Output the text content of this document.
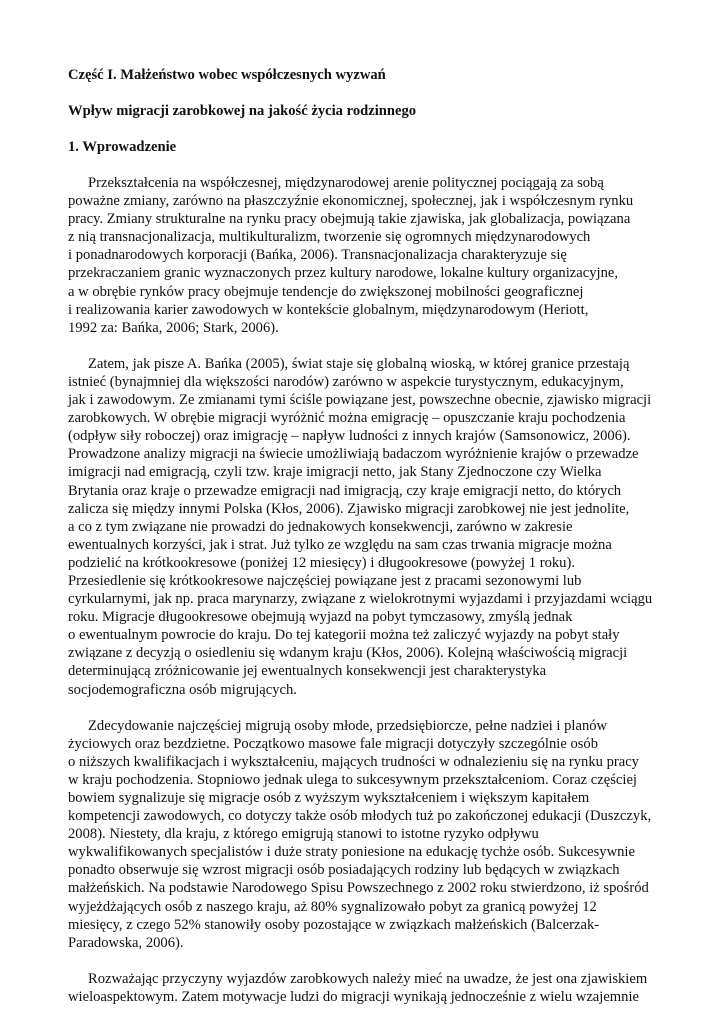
Część I. Małżeństwo wobec współczesnych wyzwań
Wpływ migracji zarobkowej na jakość życia rodzinnego
1. Wprowadzenie
Przekształcenia na współczesnej, międzynarodowej arenie politycznej pociągają za sobą
poważne zmiany, zarówno na płaszczyźnie ekonomicznej, społecznej, jak i współczesnym rynku
pracy. Zmiany strukturalne na rynku pracy obejmują takie zjawiska, jak globalizacja, powiązana
z nią transnacjonalizacja, multikulturalizm, tworzenie się ogromnych międzynarodowych
i ponadnarodowych korporacji (Bańka, 2006). Transnacjonalizacja charakteryzuje się
przekraczaniem granic wyznaczonych przez kultury narodowe, lokalne kultury organizacyjne,
a w obrębie rynków pracy obejmuje tendencje do zwiększonej mobilności geograficznej
i realizowania karier zawodowych w kontekście globalnym, międzynarodowym (Heriott,
1992 za: Bańka, 2006; Stark, 2006).
Zatem, jak pisze A. Bańka (2005), świat staje się globalną wioską, w której granice przestają
istnieć (bynajmniej dla większości narodów) zarówno w aspekcie turystycznym, edukacyjnym,
jak i zawodowym. Ze zmianami tymi ściśle powiązane jest, powszechne obecnie, zjawisko migracji
zarobkowych. W obrębie migracji wyróżnić można emigrację – opuszczanie kraju pochodzenia
(odpływ siły roboczej) oraz imigrację – napływ ludności z innych krajów (Samsonowicz, 2006).
Prowadzone analizy migracji na świecie umożliwiają badaczom wyróżnienie krajów o przewadze
imigracji nad emigracją, czyli tzw. kraje imigracji netto, jak Stany Zjednoczone czy Wielka
Brytania oraz kraje o przewadze emigracji nad imigracją, czy kraje emigracji netto, do których
zalicza się między innymi Polska (Kłos, 2006). Zjawisko migracji zarobkowej nie jest jednolite,
a co z tym związane nie prowadzi do jednakowych konsekwencji, zarówno w zakresie
ewentualnych korzyści, jak i strat. Już tylko ze względu na sam czas trwania migracje można
podzielić na krótkookresowe (poniżej 12 miesięcy) i długookresowe (powyżej 1 roku).
Przesiedlenie się krótkookresowe najczęściej powiązane jest z pracami sezonowymi lub
cyrkularnymi, jak np. praca marynarzy, związane z wielokrotnymi wyjazdami i przyjazdami wciągu
roku. Migracje długookresowe obejmują wyjazd na pobyt tymczasowy, zmyślą jednak
o ewentualnym powrocie do kraju. Do tej kategorii można też zaliczyć wyjazdy na pobyt stały
związane z decyzją o osiedleniu się wdanym kraju (Kłos, 2006). Kolejną właściwością migracji
determinującą zróżnicowanie jej ewentualnych konsekwencji jest charakterystyka
socjodemograficzna osób migrujących.
Zdecydowanie najczęściej migrują osoby młode, przedsiębiorcze, pełne nadziei i planów
życiowych oraz bezdzietne. Początkowo masowe fale migracji dotyczyły szczególnie osób
o niższych kwalifikacjach i wykształceniu, mających trudności w odnalezieniu się na rynku pracy
w kraju pochodzenia. Stopniowo jednak ulega to sukcesywnym przekształceniom. Coraz częściej
bowiem sygnalizuje się migracje osób z wyższym wykształceniem i większym kapitałem
kompetencji zawodowych, co dotyczy także osób młodych tuż po zakończonej edukacji (Duszczyk,
2008). Niestety, dla kraju, z którego emigrują stanowi to istotne ryzyko odpływu
wykwalifikowanych specjalistów i duże straty poniesione na edukację tychże osób. Sukcesywnie
ponadto obserwuje się wzrost migracji osób posiadających rodziny lub będących w związkach
małżeńskich. Na podstawie Narodowego Spisu Powszechnego z 2002 roku stwierdzono, iż spośród
wyjeżdżających osób z naszego kraju, aż 80% sygnalizowało pobyt za granicą powyżej 12
miesięcy, z czego 52% stanowiły osoby pozostające w związkach małżeńskich (Balcerzak-
Paradowska, 2006).
Rozważając przyczyny wyjazdów zarobkowych należy mieć na uwadze, że jest ona zjawiskiem
wieloaspektowym. Zatem motywacje ludzi do migracji wynikają jednocześnie z wielu wzajemnie
